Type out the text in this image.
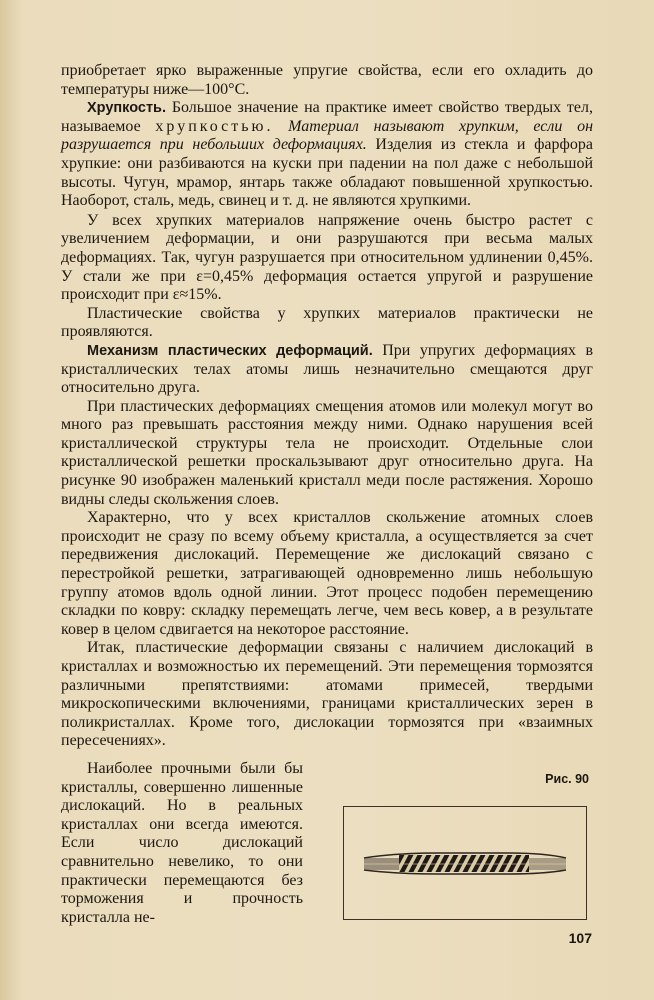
приобретает ярко выраженные упругие свойства, если его охладить до температуры ниже—100°С.

Хрупкость. Большое значение на практике имеет свойство твердых тел, называемое хрупкостью. Материал называют хрупким, если он разрушается при небольших деформациях. Изделия из стекла и фарфора хрупкие: они разбиваются на куски при падении на пол даже с небольшой высоты. Чугун, мрамор, янтарь также обладают повышенной хрупкостью. Наоборот, сталь, медь, свинец и т. д. не являются хрупкими.

У всех хрупких материалов напряжение очень быстро растет с увеличением деформации, и они разрушаются при весьма малых деформациях. Так, чугун разрушается при относительном удлинении 0,45%. У стали же при ε=0,45% деформация остается упругой и разрушение происходит при ε≈15%.

Пластические свойства у хрупких материалов практически не проявляются.

Механизм пластических деформаций. При упругих деформациях в кристаллических телах атомы лишь незначительно смещаются друг относительно друга.

При пластических деформациях смещения атомов или молекул могут во много раз превышать расстояния между ними. Однако нарушения всей кристаллической структуры тела не происходит. Отдельные слои кристаллической решетки проскальзывают друг относительно друга. На рисунке 90 изображен маленький кристалл меди после растяжения. Хорошо видны следы скольжения слоев.

Характерно, что у всех кристаллов скольжение атомных слоев происходит не сразу по всему объему кристалла, а осуществляется за счет передвижения дислокаций. Перемещение же дислокаций связано с перестройкой решетки, затрагивающей одновременно лишь небольшую группу атомов вдоль одной линии. Этот процесс подобен перемещению складки по ковру: складку перемещать легче, чем весь ковер, а в результате ковер в целом сдвигается на некоторое расстояние.

Итак, пластические деформации связаны с наличием дислокаций в кристаллах и возможностью их перемещений. Эти перемещения тормозятся различными препятствиями: атомами примесей, твердыми микроскопическими включениями, границами кристаллических зерен в поликристаллах. Кроме того, дислокации тормозятся при «взаимных пересечениях».

Наиболее прочными были бы кристаллы, совершенно лишенные дислокаций. Но в реальных кристаллах они всегда имеются. Если число дислокаций сравнительно невелико, то они практически перемещаются без торможения и прочность кристалла не-

Рис. 90
107
